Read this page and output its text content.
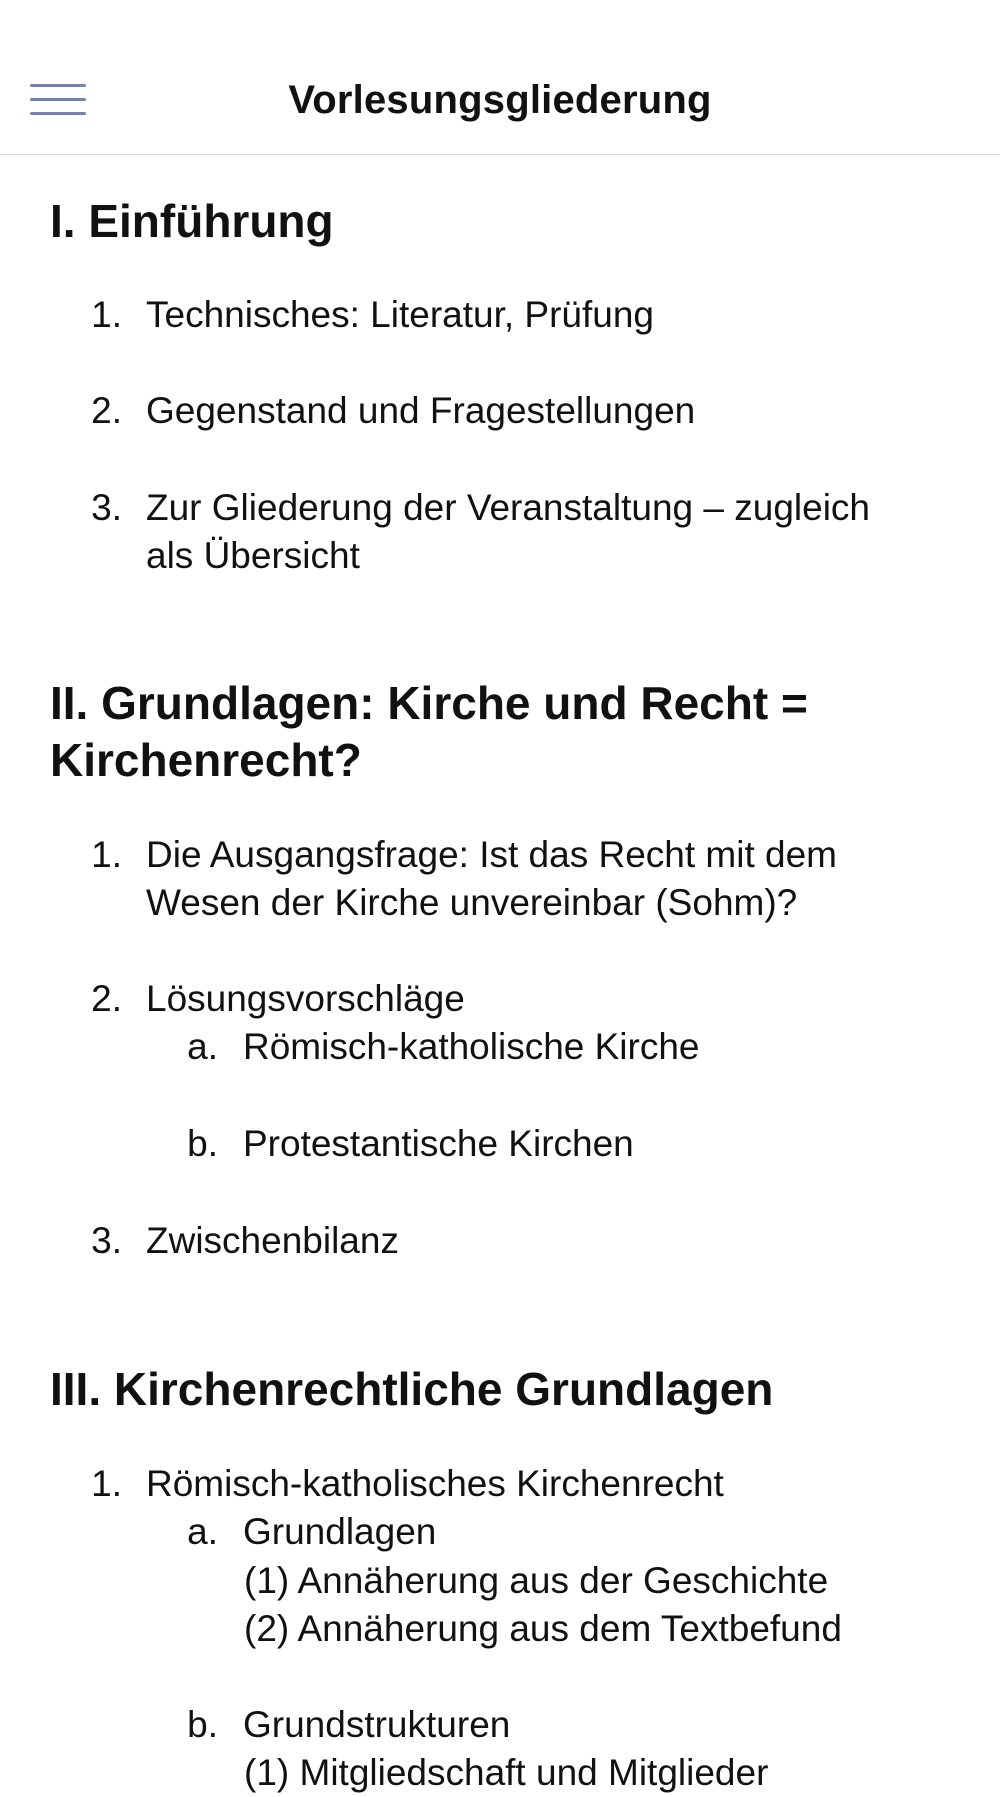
Vorlesungsgliederung
I. Einführung
1. Technisches: Literatur, Prüfung
2. Gegenstand und Fragestellungen
3. Zur Gliederung der Veranstaltung – zugleich
als Übersicht
II. Grundlagen: Kirche und Recht =
Kirchenrecht?
1. Die Ausgangsfrage: Ist das Recht mit dem
Wesen der Kirche unvereinbar (Sohm)?
2. Lösungsvorschläge
a. Römisch-katholische Kirche
b. Protestantische Kirchen
3. Zwischenbilanz
III. Kirchenrechtliche Grundlagen
1. Römisch-katholisches Kirchenrecht
a. Grundlagen
(1) Annäherung aus der Geschichte
(2) Annäherung aus dem Textbefund
b. Grundstrukturen
(1) Mitgliedschaft und Mitglieder
